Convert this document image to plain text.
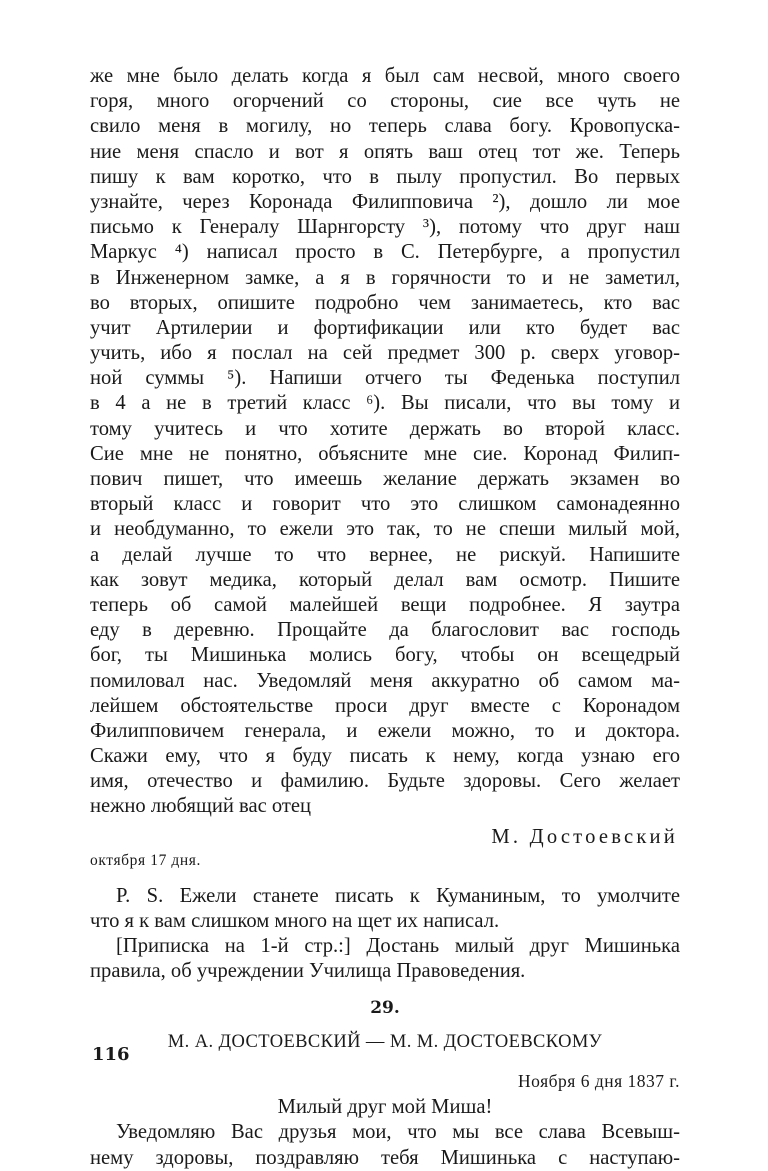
же мне было делать когда я был сам несвой, много своего
горя, много огорчений со стороны, сие все чуть не
свило меня в могилу, но теперь слава богу. Кровопуска-
ние меня спасло и вот я опять ваш отец тот же. Теперь
пишу к вам коротко, что в пылу пропустил. Во первых
узнайте, через Коронада Филипповича ²), дошло ли мое
письмо к Генералу Шарнгорсту ³), потому что друг наш
Маркус ⁴) написал просто в С. Петербурге, а пропустил
в Инженерном замке, а я в горячности то и не заметил,
во вторых, опишите подробно чем занимаетесь, кто вас
учит Артилерии и фортификации или кто будет вас
учить, ибо я послал на сей предмет 300 р. сверх уговор-
ной суммы ⁵). Напиши отчего ты Феденька поступил
в 4 а не в третий класс ⁶). Вы писали, что вы тому и
тому учитесь и что хотите держать во второй класс.
Сие мне не понятно, объясните мне сие. Коронад Филип-
пович пишет, что имеешь желание держать экзамен во
вторый класс и говорит что это слишком самонадеянно
и необдуманно, то ежели это так, то не спеши милый мой,
а делай лучше то что вернее, не рискуй. Напишите
как зовут медика, который делал вам осмотр. Пишите
теперь об самой малейшей вещи подробнее. Я заутра
еду в деревню. Прощайте да благословит вас господь
бог, ты Мишинька молись богу, чтобы он всещедрый
помиловал нас. Уведомляй меня аккуратно об самом ма-
лейшем обстоятельстве проси друг вместе с Коронадом
Филипповичем генерала, и ежели можно, то и доктора.
Скажи ему, что я буду писать к нему, когда узнаю его
имя, отечество и фамилию. Будьте здоровы. Сего желает
нежно любящий вас отец
М. Достоевский
октября 17 дня.
P. S. Ежели станете писать к Куманиным, то умолчите
что я к вам слишком много на щет их написал.
[Приписка на 1-й стр.:] Достань милый друг Мишинька
правила, об учреждении Училища Правоведения.
29.
М. А. ДОСТОЕВСКИЙ — М. М. ДОСТОЕВСКОМУ
Ноября 6 дня 1837 г.
Милый друг мой Миша!
Уведомляю Вас друзья мои, что мы все слава Всевыш-
нему здоровы, поздравляю тебя Мишинька с наступаю-
116
